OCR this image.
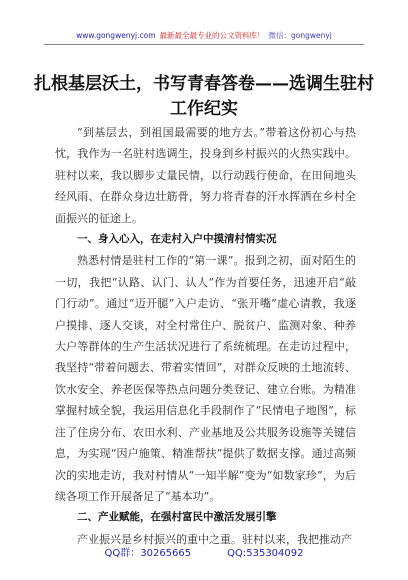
www.gongwenyj.com 最新最全最专业的公文资料库！ 微信：gongwenyj
扎根基层沃土，书写青春答卷——选调生驻村工作纪实

“到基层去，到祖国最需要的地方去。”带着这份初心与热忱，我作为一名驻村选调生，投身到乡村振兴的火热实践中。驻村以来，我以脚步丈量民情，以行动践行使命，在田间地头经风雨、在群众身边壮筋骨，努力将青春的汗水挥洒在乡村全面振兴的征途上。

一、身入心入，在走村入户中摸清村情实况

熟悉村情是驻村工作的“第一课”。报到之初，面对陌生的一切，我把“认路、认门、认人”作为首要任务，迅速开启“敲门行动”。通过“迈开腿”入户走访、“张开嘴”虚心请教，我逐户摸排、逐人交谈，对全村常住户、脱贫户、监测对象、种养大户等群体的生产生活状况进行了系统梳理。在走访过程中，我坚持“带着问题去、带着实情回”，对群众反映的土地流转、饮水安全、养老医保等热点问题分类登记、建立台账。为精准掌握村域全貌，我运用信息化手段制作了“民情电子地图”，标注了住房分布、农田水利、产业基地及公共服务设施等关键信息，为实现“因户施策、精准帮扶”提供了数据支撑。通过高频次的实地走访，我对村情从“一知半解”变为“如数家珍”，为后续各项工作开展备足了“基本功”。

二、产业赋能，在强村富民中激活发展引擎

产业振兴是乡村振兴的重中之重。驻村以来，我把推动产

QQ群：30265665	QQ:535304092
